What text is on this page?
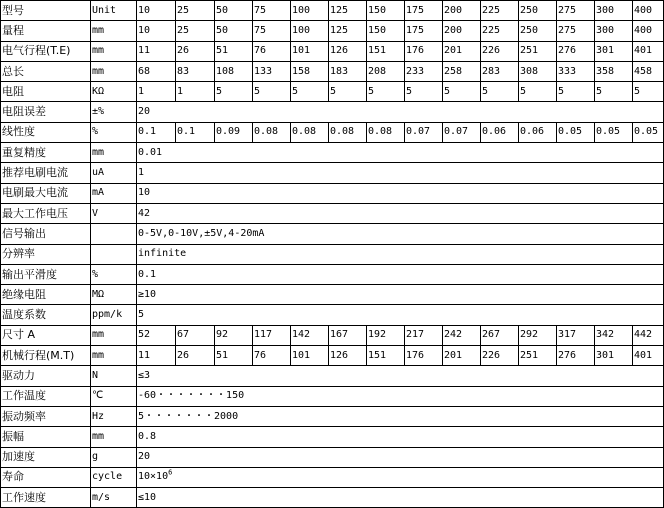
型号	Unit	10	25	50	75	100	125	150	175	200	225	250	275	300	400
量程	mm	10	25	50	75	100	125	150	175	200	225	250	275	300	400
电气行程(T.E)	mm	11	26	51	76	101	126	151	176	201	226	251	276	301	401
总长	mm	68	83	108	133	158	183	208	233	258	283	308	333	358	458
电阻	KΩ	1	1	5	5	5	5	5	5	5	5	5	5	5	5
电阻误差	±%	20													
线性度	%	0.1	0.1	0.09	0.08	0.08	0.08	0.08	0.07	0.07	0.06	0.06	0.05	0.05	0.05
重复精度	mm	0.01													
推荐电刷电流	uA	1													
电刷最大电流	mA	10													
最大工作电压	V	42													
信号输出		0-5V,0-10V,±5V,4-20mA													
分辨率		infinite													
输出平滑度	%	0.1													
绝缘电阻	MΩ	≥10													
温度系数	ppm/k	5													
尺寸 A	mm	52	67	92	117	142	167	192	217	242	267	292	317	342	442
机械行程(M.T)	mm	11	26	51	76	101	126	151	176	201	226	251	276	301	401
驱动力	N	≤3													
工作温度	℃	-60・・・・・・・150													
振动频率	Hz	5・・・・・・・2000													
振幅	mm	0.8													
加速度	g	20													
寿命	cycle	$10\times 10^6$
工作速度	m/s	≤10													
